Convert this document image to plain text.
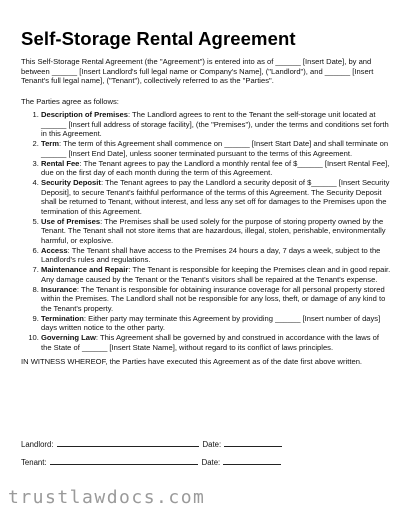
Self-Storage Rental Agreement

This Self-Storage Rental Agreement (the "Agreement") is entered into as of ______ [Insert Date], by and between ______ [Insert Landlord's full legal name or Company's Name], ("Landlord"), and ______ [Insert Tenant's full legal name], ("Tenant"), collectively referred to as the "Parties".

The Parties agree as follows:

1. Description of Premises: The Landlord agrees to rent to the Tenant the self-storage unit located at ______ [Insert full address of storage facility], (the "Premises"), under the terms and conditions set forth in this Agreement.
2. Term: The term of this Agreement shall commence on ______ [Insert Start Date] and shall terminate on ______ [Insert End Date], unless sooner terminated pursuant to the terms of this Agreement.
3. Rental Fee: The Tenant agrees to pay the Landlord a monthly rental fee of $______ [Insert Rental Fee], due on the first day of each month during the term of this Agreement.
4. Security Deposit: The Tenant agrees to pay the Landlord a security deposit of $______ [Insert Security Deposit], to secure Tenant's faithful performance of the terms of this Agreement. The Security Deposit shall be returned to Tenant, without interest, and less any set off for damages to the Premises upon the termination of this Agreement.
5. Use of Premises: The Premises shall be used solely for the purpose of storing property owned by the Tenant. The Tenant shall not store items that are hazardous, illegal, stolen, perishable, environmentally harmful, or explosive.
6. Access: The Tenant shall have access to the Premises 24 hours a day, 7 days a week, subject to the Landlord's rules and regulations.
7. Maintenance and Repair: The Tenant is responsible for keeping the Premises clean and in good repair. Any damage caused by the Tenant or the Tenant's visitors shall be repaired at the Tenant's expense.
8. Insurance: The Tenant is responsible for obtaining insurance coverage for all personal property stored within the Premises. The Landlord shall not be responsible for any loss, theft, or damage of any kind to the Tenant's property.
9. Termination: Either party may terminate this Agreement by providing ______ [Insert number of days] days written notice to the other party.
10. Governing Law: This Agreement shall be governed by and construed in accordance with the laws of the State of ______ [Insert State Name], without regard to its conflict of laws principles.

IN WITNESS WHEREOF, the Parties have executed this Agreement as of the date first above written.

Landlord:	Date:
Tenant:	Date:
trustlawdocs.com
